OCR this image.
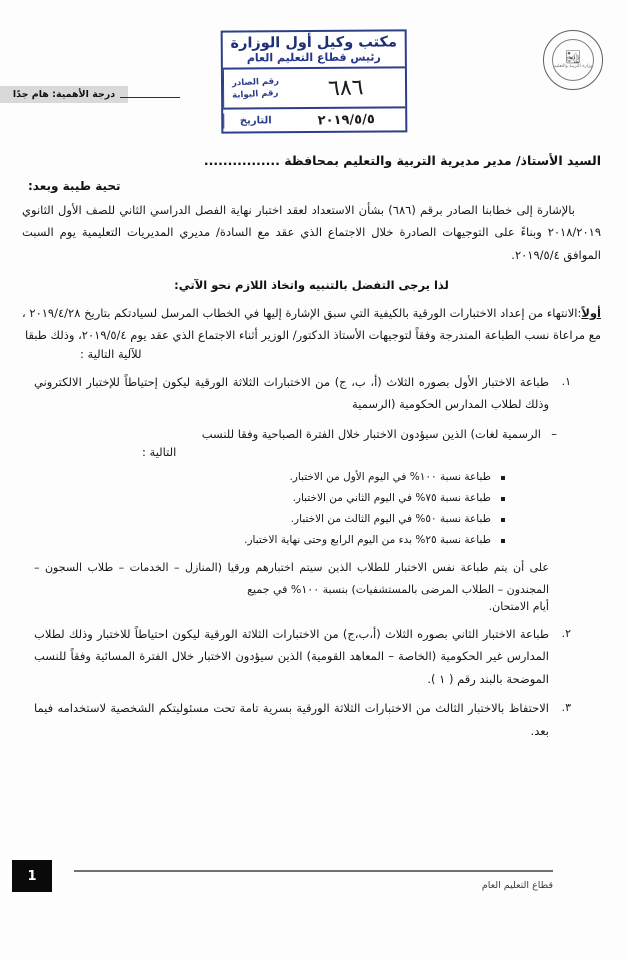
🏜
وزارة التربية والتعليم
مكتب وكيل أول الوزارة
رئيس قطاع التعليم العام
رقم الصادر
رقم البوابة ٦٨٦
التاريخ	٢٠١٩/٥/٥
درجة الأهمية: هام جدًا

السيد الأستاذ/ مدير مديرية التربية والتعليم بمحافظة ................

تحية طيبة وبعد:

بالإشارة إلى خطابنا الصادر برقم (٦٨٦) بشأن الاستعداد لعقد اختبار نهاية الفصل الدراسي الثاني للصف الأول الثانوي ٢٠١٨/٢٠١٩ وبناءً على التوجيهات الصادرة خلال الاجتماع الذي عقد مع السادة/ مديري المديريات التعليمية يوم السبت الموافق ٢٠١٩/٥/٤.

لذا يرجى التفضل بالتنبيه واتخاذ اللازم نحو الآتي:

أولاً:الانتهاء من إعداد الاختبارات الورقية بالكيفية التي سبق الإشارة إليها في الخطاب المرسل لسيادتكم بتاريخ ٢٠١٩/٤/٢٨ ، مع مراعاة نسب الطباعة المندرجة وفقاً لتوجيهات الأستاذ الدكتور/ الوزير أثناء الاجتماع الذي عقد يوم ٢٠١٩/٥/٤، وذلك طبقا

للآلية التالية :

١.
طباعة الاختبار الأول بصوره الثلاث (أ، ب، ج) من الاختبارات الثلاثة الورقية ليكون إحتياطاً للإختبار الالكتروني وذلك لطلاب المدارس الحكومية (الرسمية

–
الرسمية لغات) الذين سيؤدون الاختبار خلال الفترة الصباحية وفقا للنسب

التالية :

طباعة نسبة ١٠٠% في اليوم الأول من الاختبار.
طباعة نسبة ٧٥% في اليوم الثاني من الاختبار.
طباعة نسبة ٥٠% في اليوم الثالث من الاختبار.
طباعة نسبة ٢٥% بدء من اليوم الرابع وحتى نهاية الاختبار.

على أن يتم طباعة نفس الاختبار للطلاب الذين سيتم اختبارهم ورقيا (المنازل – الخدمات – طلاب السجون – المجندون – الطلاب المرضى بالمستشفيات) بنسبة ١٠٠% في جميع

أيام الامتحان.

٢.
طباعة الاختبار الثاني بصوره الثلاث (أ،ب،ج) من الاختبارات الثلاثة الورقية ليكون احتياطاً للاختبار وذلك لطلاب المدارس غير الحكومية (الخاصة – المعاهد القومية) الذين سيؤدون الاختبار خلال الفترة المسائية وفقاً للنسب الموضحة بالبند رقم ( ١ ).
٣.
الاحتفاظ بالاختبار الثالث من الاختبارات الثلاثة الورقية بسرية تامة تحت مسئوليتكم الشخصية لاستخدامه فيما بعد.
قطاع التعليم العام
1
